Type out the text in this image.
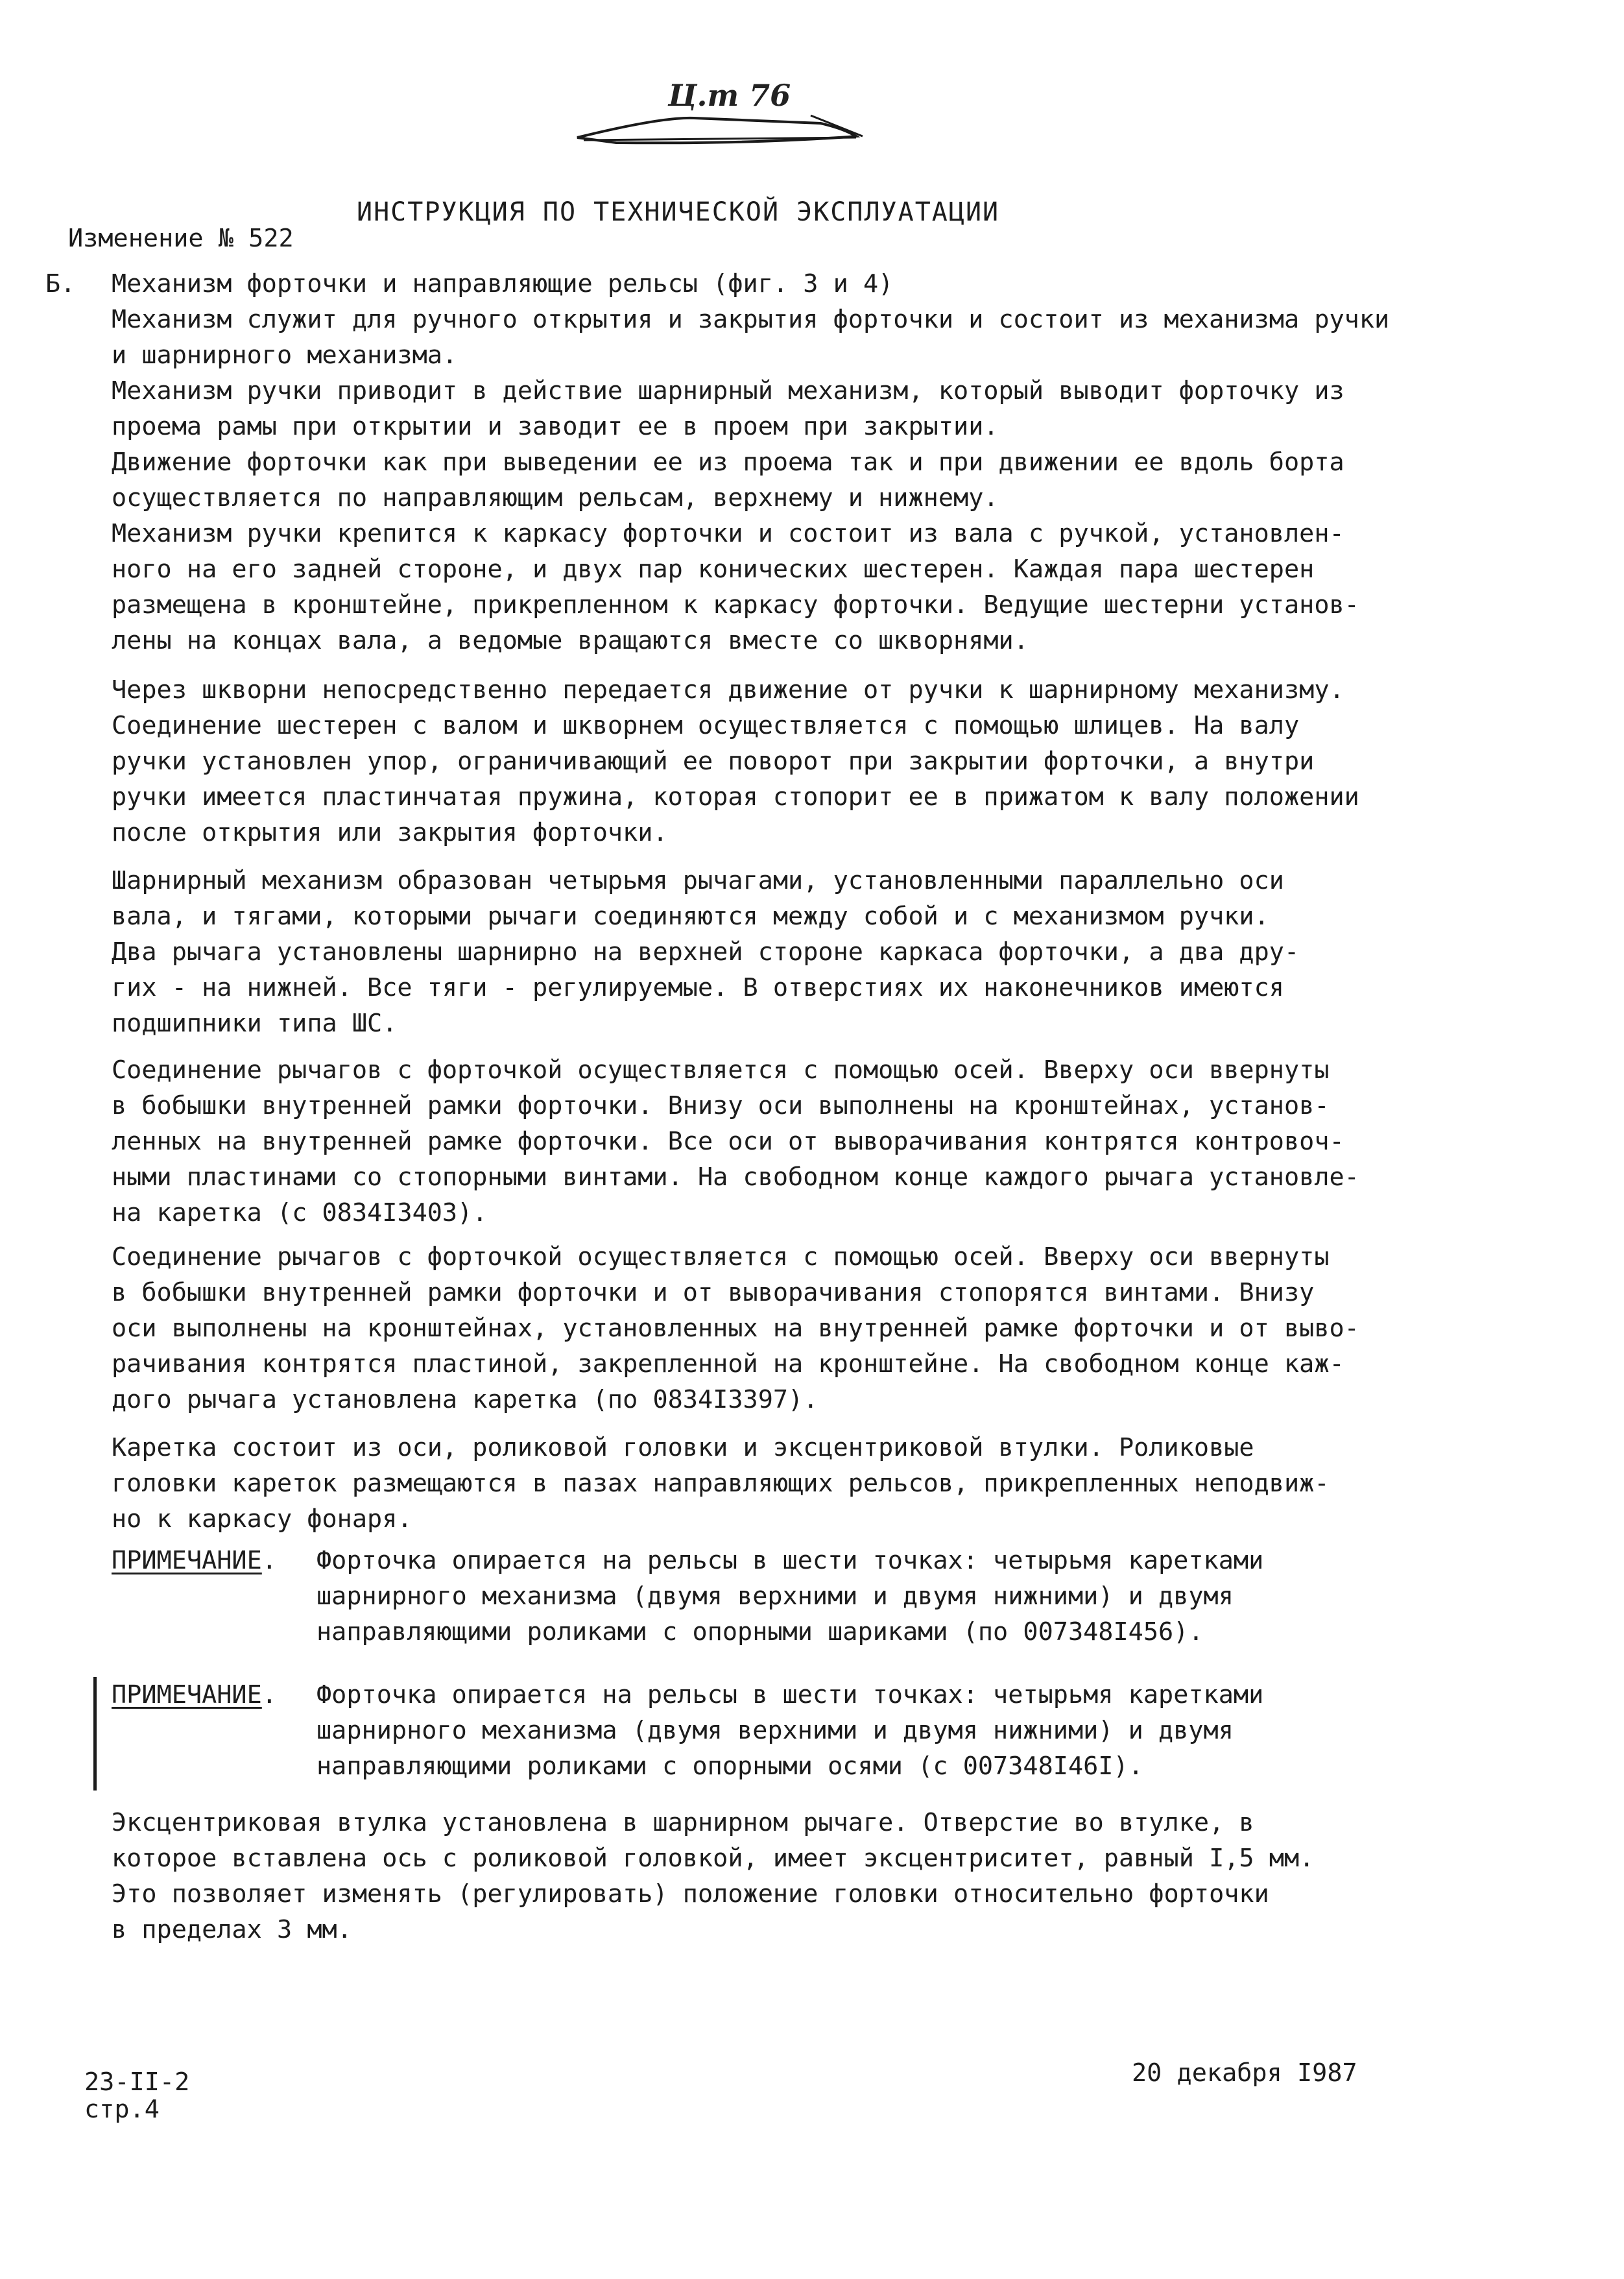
Ц.т 76
ИНСТРУКЦИЯ ПО ТЕХНИЧЕСКОЙ ЭКСПЛУАТАЦИИ
Изменение № 522
Б. Механизм форточки и направляющие рельсы (фиг. 3 и 4)
Механизм служит для ручного открытия и закрытия форточки и состоит из механизма ручки
и шарнирного механизма.
Механизм ручки приводит в действие шарнирный механизм, который выводит форточку из
проема рамы при открытии и заводит ее в проем при закрытии.
Движение форточки как при выведении ее из проема так и при движении ее вдоль борта
осуществляется по направляющим рельсам, верхнему и нижнему.
Механизм ручки крепится к каркасу форточки и состоит из вала с ручкой, установлен-
ного на его задней стороне, и двух пар конических шестерен. Каждая пара шестерен
размещена в кронштейне, прикрепленном к каркасу форточки. Ведущие шестерни установ-
лены на концах вала, а ведомые вращаются вместе со шкворнями.
Через шкворни непосредственно передается движение от ручки к шарнирному механизму.
Соединение шестерен с валом и шкворнем осуществляется с помощью шлицев. На валу
ручки установлен упор, ограничивающий ее поворот при закрытии форточки, а внутри
ручки имеется пластинчатая пружина, которая стопорит ее в прижатом к валу положении
после открытия или закрытия форточки.
Шарнирный механизм образован четырьмя рычагами, установленными параллельно оси
вала, и тягами, которыми рычаги соединяются между собой и с механизмом ручки.
Два рычага установлены шарнирно на верхней стороне каркаса форточки, а два дру-
гих - на нижней. Все тяги - регулируемые. В отверстиях их наконечников имеются
подшипники типа ШС.
Соединение рычагов с форточкой осуществляется с помощью осей. Вверху оси ввернуты
в бобышки внутренней рамки форточки. Внизу оси выполнены на кронштейнах, установ-
ленных на внутренней рамке форточки. Все оси от выворачивания контрятся контровоч-
ными пластинами со стопорными винтами. На свободном конце каждого рычага установле-
на каретка (с 0834I3403).
Соединение рычагов с форточкой осуществляется с помощью осей. Вверху оси ввернуты
в бобышки внутренней рамки форточки и от выворачивания стопорятся винтами. Внизу
оси выполнены на кронштейнах, установленных на внутренней рамке форточки и от выво-
рачивания контрятся пластиной, закрепленной на кронштейне. На свободном конце каж-
дого рычага установлена каретка (по 0834I3397).
Каретка состоит из оси, роликовой головки и эксцентриковой втулки. Роликовые
головки кареток размещаются в пазах направляющих рельсов, прикрепленных неподвиж-
но к каркасу фонаря.
ПРИМЕЧАНИЕ. Форточка опирается на рельсы в шести точках: четырьмя каретками
шарнирного механизма (двумя верхними и двумя нижними) и двумя
направляющими роликами с опорными шариками (по 007348I456).
ПРИМЕЧАНИЕ. Форточка опирается на рельсы в шести точках: четырьмя каретками
шарнирного механизма (двумя верхними и двумя нижними) и двумя
направляющими роликами с опорными осями (с 007348I46I).
Эксцентриковая втулка установлена в шарнирном рычаге. Отверстие во втулке, в
которое вставлена ось с роликовой головкой, имеет эксцентриситет, равный I,5 мм.
Это позволяет изменять (регулировать) положение головки относительно форточки
в пределах 3 мм.
23-II-2
стр.4
20 декабря I987
